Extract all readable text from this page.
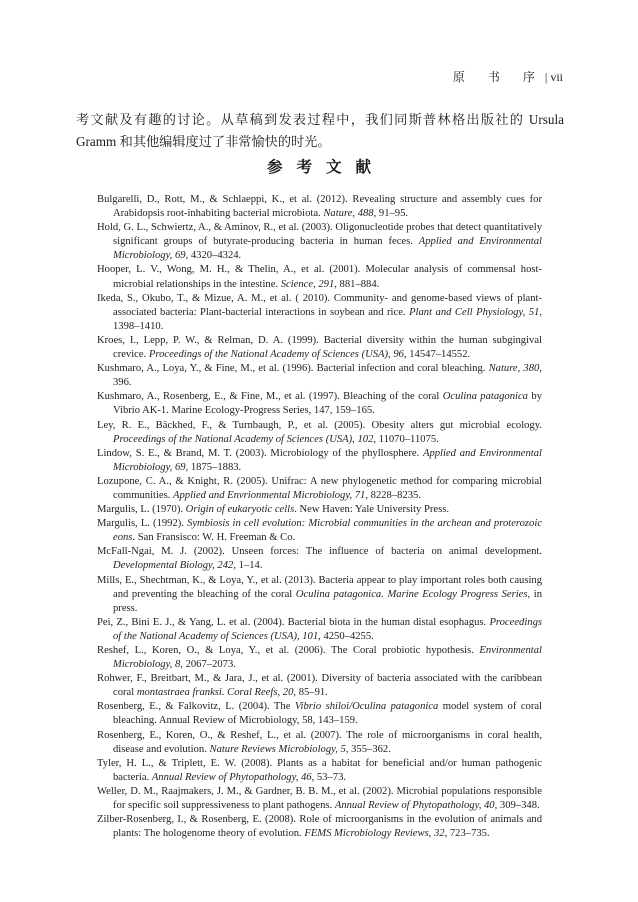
原 书 序| vii

考文献及有趣的讨论。从草稿到发表过程中，我们同斯普林格出版社的 Ursula Gramm 和其他编辑度过了非常愉快的时光。

参考文献

Bulgarelli, D., Rott, M., & Schlaeppi, K., et al. (2012). Revealing structure and assembly cues for Arabidopsis root-inhabiting bacterial microbiota. Nature, 488, 91–95.

Hold, G. L., Schwiertz, A., & Aminov, R., et al. (2003). Oligonucleotide probes that detect quantitatively significant groups of butyrate-producing bacteria in human feces. Applied and Environmental Microbiology, 69, 4320–4324.

Hooper, L. V., Wong, M. H., & Thelin, A., et al. (2001). Molecular analysis of commensal host-microbial relationships in the intestine. Science, 291, 881–884.

Ikeda, S., Okubo, T., & Mizue, A. M., et al. ( 2010). Community- and genome-based views of plant-associated bacteria: Plant-bacterial interactions in soybean and rice. Plant and Cell Physiology, 51, 1398–1410.

Kroes, I., Lepp, P. W., & Relman, D. A. (1999). Bacterial diversity within the human subgingival crevice. Proceedings of the National Academy of Sciences (USA), 96, 14547–14552.

Kushmaro, A., Loya, Y., & Fine, M., et al. (1996). Bacterial infection and coral bleaching. Nature, 380, 396.

Kushmaro, A., Rosenberg, E., & Fine, M., et al. (1997). Bleaching of the coral Oculina patagonica by Vibrio AK-1. Marine Ecology-Progress Series, 147, 159–165.

Ley, R. E., Bäckhed, F., & Turnbaugh, P., et al. (2005). Obesity alters gut microbial ecology. Proceedings of the National Academy of Sciences (USA), 102, 11070–11075.

Lindow, S. E., & Brand, M. T. (2003). Microbiology of the phyllosphere. Applied and Environmental Microbiology, 69, 1875–1883.

Lozupone, C. A., & Knight, R. (2005). Unifrac: A new phylogenetic method for comparing microbial communities. Applied and Envrionmental Microbiology, 71, 8228–8235.

Margulis, L. (1970). Origin of eukaryotic cells. New Haven: Yale University Press.

Margulis, L. (1992). Symbiosis in cell evolution: Microbial communities in the archean and proterozoic eons. San Fransisco: W. H. Freeman & Co.

McFall-Ngai, M. J. (2002). Unseen forces: The influence of bacteria on animal development. Developmental Biology, 242, 1–14.

Mills, E., Shechtman, K., & Loya, Y., et al. (2013). Bacteria appear to play important roles both causing and preventing the bleaching of the coral Oculina patagonica. Marine Ecology Progress Series, in press.

Pei, Z., Bini E. J., & Yang, L. et al. (2004). Bacterial biota in the human distal esophagus. Proceedings of the National Academy of Sciences (USA), 101, 4250–4255.

Reshef, L., Koren, O., & Loya, Y., et al. (2006). The Coral probiotic hypothesis. Environmental Microbiology, 8, 2067–2073.

Rohwer, F., Breitbart, M., & Jara, J., et al. (2001). Diversity of bacteria associated with the caribbean coral montastraea franksi. Coral Reefs, 20, 85–91.

Rosenberg, E., & Falkovitz, L. (2004). The Vibrio shiloi/Oculina patagonica model system of coral bleaching. Annual Review of Microbiology, 58, 143–159.

Rosenberg, E., Koren, O., & Reshef, L., et al. (2007). The role of microorganisms in coral health, disease and evolution. Nature Reviews Microbiology, 5, 355–362.

Tyler, H. L., & Triplett, E. W. (2008). Plants as a habitat for beneficial and/or human pathogenic bacteria. Annual Review of Phytopathology, 46, 53–73.

Weller, D. M., Raajmakers, J. M., & Gardner, B. B. M., et al. (2002). Microbial populations responsible for specific soil suppressiveness to plant pathogens. Annual Review of Phytopathology, 40, 309–348.

Zilber-Rosenberg, I., & Rosenberg, E. (2008). Role of microorganisms in the evolution of animals and plants: The hologenome theory of evolution. FEMS Microbiology Reviews, 32, 723–735.
